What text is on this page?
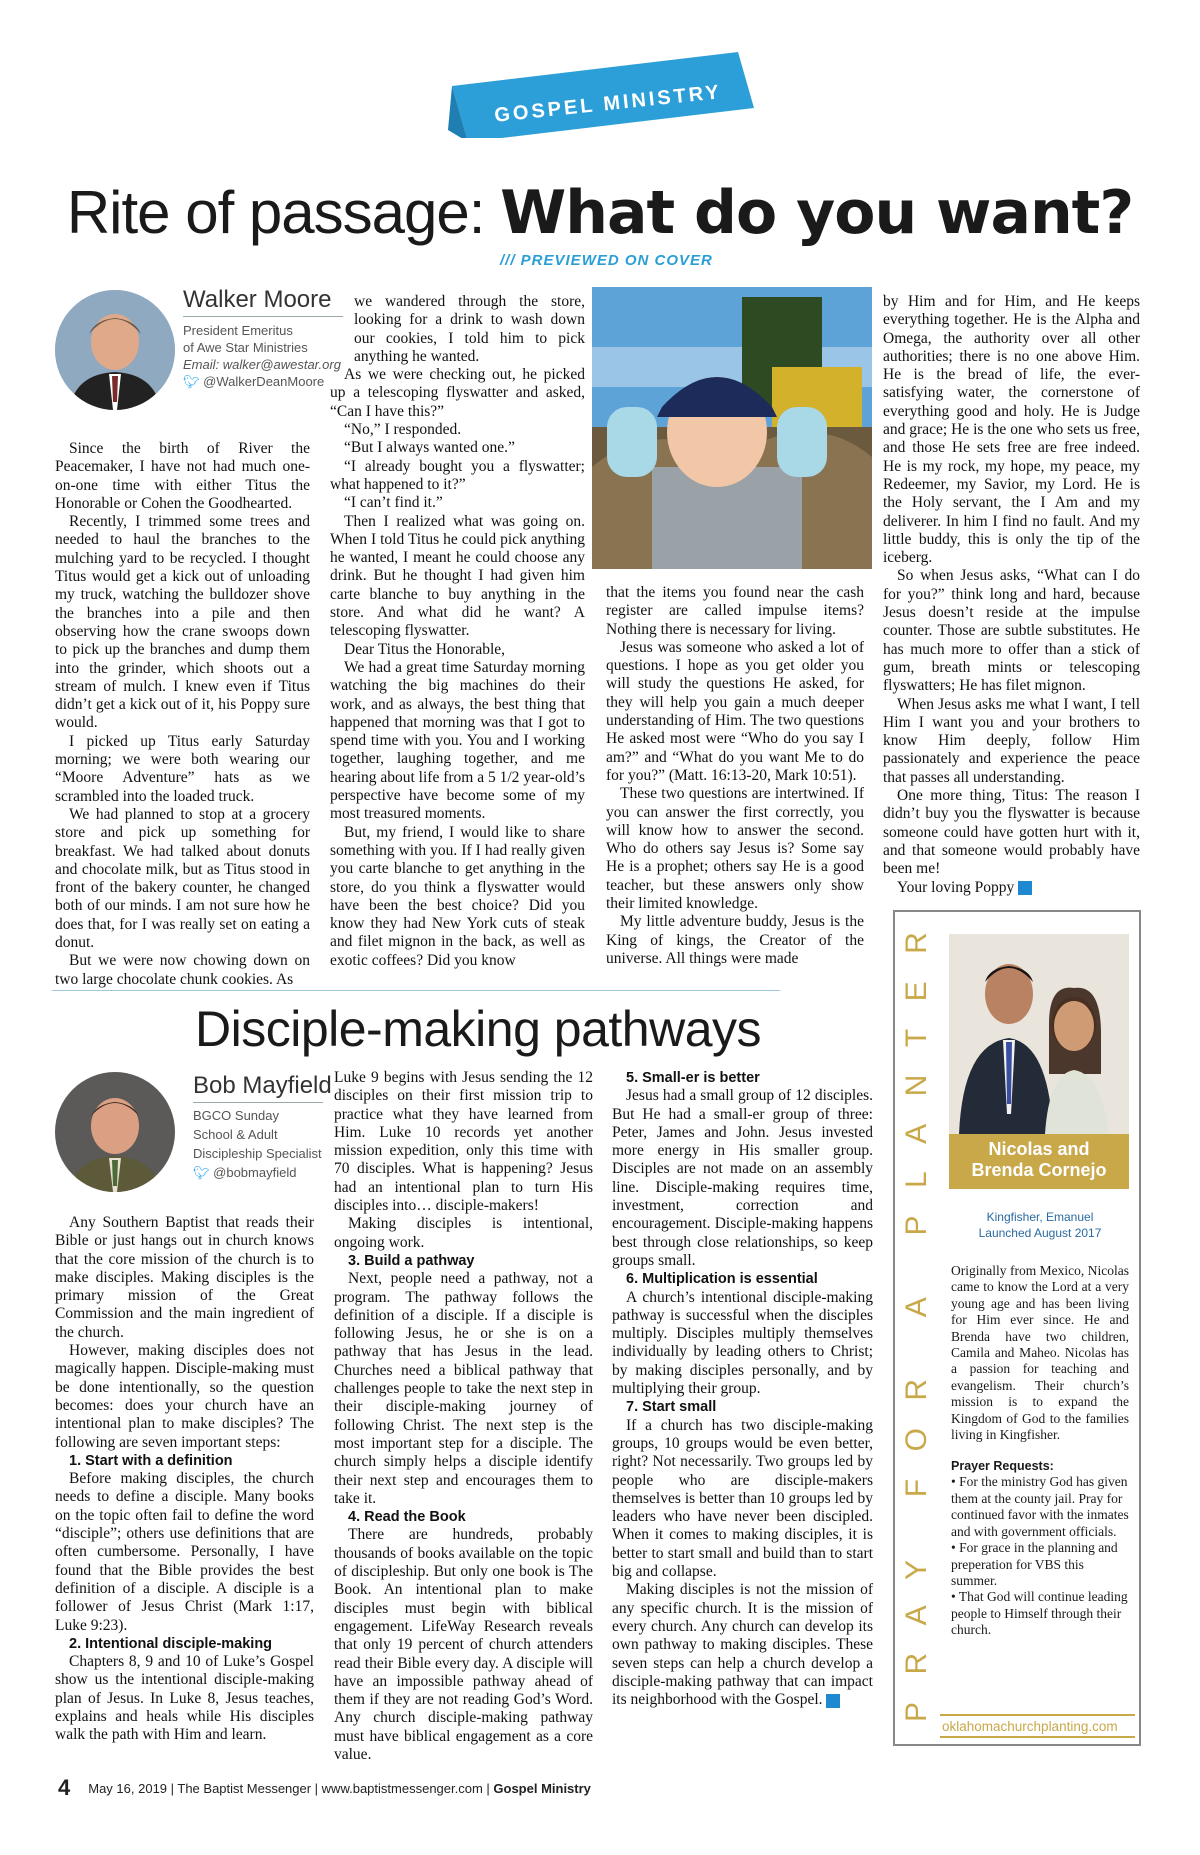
GOSPEL MINISTRY
Rite of passage: What do you want?
/// PREVIEWED ON COVER
Walker Moore
President Emeritus
of Awe Star Ministries
Email: walker@awestar.org
🐦︎ @WalkerDeanMoore

Since the birth of River the Peacemaker, I have not had much one-on-one time with either Titus the Honorable or Cohen the Goodhearted.

Recently, I trimmed some trees and needed to haul the branches to the mulching yard to be recycled. I thought Titus would get a kick out of unloading my truck, watching the bulldozer shove the branches into a pile and then observing how the crane swoops down to pick up the branches and dump them into the grinder, which shoots out a stream of mulch. I knew even if Titus didn’t get a kick out of it, his Poppy sure would.

I picked up Titus early Saturday morning; we were both wearing our “Moore Adventure” hats as we scrambled into the loaded truck.

We had planned to stop at a grocery store and pick up something for breakfast. We had talked about donuts and chocolate milk, but as Titus stood in front of the bakery counter, he changed both of our minds. I am not sure how he does that, for I was really set on eating a donut.

But we were now chowing down on two large chocolate chunk cookies. As

we wandered through the store, looking for a drink to wash down our cookies, I told him to pick anything he wanted.

As we were checking out, he picked up a telescoping flyswatter and asked, “Can I have this?”

“No,” I responded.

“But I always wanted one.”

“I already bought you a flyswatter; what happened to it?”

“I can’t find it.”

Then I realized what was going on. When I told Titus he could pick anything he wanted, I meant he could choose any drink. But he thought I had given him carte blanche to buy anything in the store. And what did he want? A telescoping flyswatter.

Dear Titus the Honorable,

We had a great time Saturday morning watching the big machines do their work, and as always, the best thing that happened that morning was that I got to spend time with you. You and I working together, laughing together, and me hearing about life from a 5 1/2 year-old’s perspective have become some of my most treasured moments.

But, my friend, I would like to share something with you. If I had really given you carte blanche to get anything in the store, do you think a flyswatter would have been the best choice? Did you know they had New York cuts of steak and filet mignon in the back, as well as exotic coffees? Did you know

that the items you found near the cash register are called impulse items? Nothing there is necessary for living.

Jesus was someone who asked a lot of questions. I hope as you get older you will study the questions He asked, for they will help you gain a much deeper understanding of Him. The two questions He asked most were “Who do you say I am?” and “What do you want Me to do for you?” (Matt. 16:13-20, Mark 10:51).

These two questions are intertwined. If you can answer the first correctly, you will know how to answer the second. Who do others say Jesus is? Some say He is a prophet; others say He is a good teacher, but these answers only show their limited knowledge.

My little adventure buddy, Jesus is the King of kings, the Creator of the universe. All things were made

by Him and for Him, and He keeps everything together. He is the Alpha and Omega, the authority over all other authorities; there is no one above Him. He is the bread of life, the ever-satisfying water, the cornerstone of everything good and holy. He is Judge and grace; He is the one who sets us free, and those He sets free are free indeed. He is my rock, my hope, my peace, my Redeemer, my Savior, my Lord. He is the Holy servant, the I Am and my deliverer. In him I find no fault. And my little buddy, this is only the tip of the iceberg.

So when Jesus asks, “What can I do for you?” think long and hard, because Jesus doesn’t reside at the impulse counter. Those are subtle substitutes. He has much more to offer than a stick of gum, breath mints or telescoping flyswatters; He has filet mignon.

When Jesus asks me what I want, I tell Him I want you and your brothers to know Him deeply, follow Him passionately and experience the peace that passes all understanding.

One more thing, Titus: The reason I didn’t buy you the flyswatter is because someone could have gotten hurt with it, and that someone would probably have been me!

Your loving Poppy m

Disciple-making pathways
Bob Mayfield
BGCO Sunday
School & Adult
Discipleship Specialist
🐦︎ @bobmayfield

Any Southern Baptist that reads their Bible or just hangs out in church knows that the core mission of the church is to make disciples. Making disciples is the primary mission of the Great Commission and the main ingredient of the church.

However, making disciples does not magically happen. Disciple-making must be done intentionally, so the question becomes: does your church have an intentional plan to make disciples? The following are seven important steps:

1. Start with a definition

Before making disciples, the church needs to define a disciple. Many books on the topic often fail to define the word “disciple”; others use definitions that are often cumbersome. Personally, I have found that the Bible provides the best definition of a disciple. A disciple is a follower of Jesus Christ (Mark 1:17, Luke 9:23).

2. Intentional disciple-making

Chapters 8, 9 and 10 of Luke’s Gospel show us the intentional disciple-making plan of Jesus. In Luke 8, Jesus teaches, explains and heals while His disciples walk the path with Him and learn.

Luke 9 begins with Jesus sending the 12 disciples on their first mission trip to practice what they have learned from Him. Luke 10 records yet another mission expedition, only this time with 70 disciples. What is happening? Jesus had an intentional plan to turn His disciples into… disciple-makers!

Making disciples is intentional, ongoing work.

3. Build a pathway

Next, people need a pathway, not a program. The pathway follows the definition of a disciple. If a disciple is following Jesus, he or she is on a pathway that has Jesus in the lead. Churches need a biblical pathway that challenges people to take the next step in their disciple-making journey of following Christ. The next step is the most important step for a disciple. The church simply helps a disciple identify their next step and encourages them to take it.

4. Read the Book

There are hundreds, probably thousands of books available on the topic of discipleship. But only one book is The Book. An intentional plan to make disciples must begin with biblical engagement. LifeWay Research reveals that only 19 percent of church attenders read their Bible every day. A disciple will have an impossible pathway ahead of them if they are not reading God’s Word. Any church disciple-making pathway must have biblical engagement as a core value.

5. Small-er is better

Jesus had a small group of 12 disciples. But He had a small-er group of three: Peter, James and John. Jesus invested more energy in His smaller group. Disciples are not made on an assembly line. Disciple-making requires time, investment, correction and encouragement. Disciple-making happens best through close relationships, so keep groups small.

6. Multiplication is essential

A church’s intentional disciple-making pathway is successful when the disciples multiply. Disciples multiply themselves individually by leading others to Christ; by making disciples personally, and by multiplying their group.

7. Start small

If a church has two disciple-making groups, 10 groups would be even better, right? Not necessarily. Two groups led by people who are disciple-makers themselves is better than 10 groups led by leaders who have never been discipled. When it comes to making disciples, it is better to start small and build than to start big and collapse.

Making disciples is not the mission of any specific church. It is the mission of every church. Any church can develop its own pathway to making disciples. These seven steps can help a church develop a disciple-making pathway that can impact its neighborhood with the Gospel. m	PRAY FOR A PLANTER	Nicolas and Brenda Cornejo
Kingfisher, Emanuel
Launched August 2017
Originally from Mexico, Nicolas came to know the Lord at a very young age and has been living for Him ever since. He and Brenda have two children, Camila and Maheo. Nicolas has a passion for teaching and evangelism. Their church’s mission is to expand the Kingdom of God to the families living in Kingfisher.
Prayer Requests:
• For the ministry God has given them at the county jail. Pray for continued favor with the inmates and with government officials.
• For grace in the planning and preperation for VBS this summer.
• That God will continue leading people to Himself through their church.
oklahomachurchplanting.com
4 May 16, 2019 | The Baptist Messenger | www.baptistmessenger.com | Gospel Ministry
